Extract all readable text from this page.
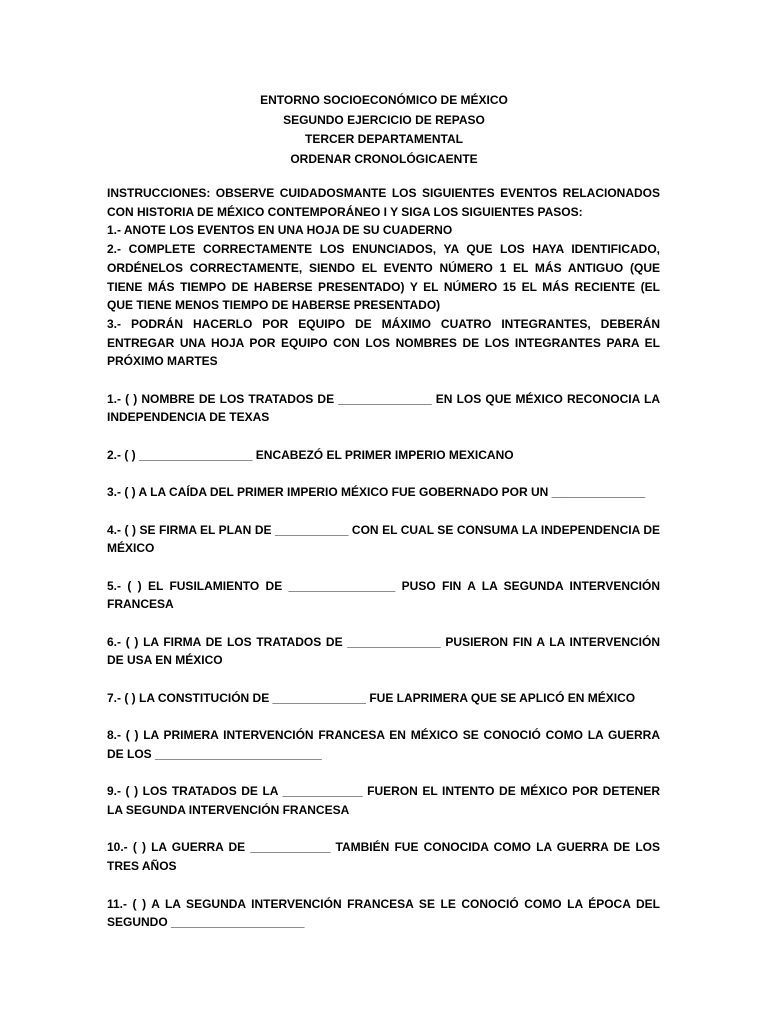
ENTORNO SOCIOECONÓMICO DE MÉXICO
SEGUNDO EJERCICIO DE REPASO
TERCER DEPARTAMENTAL
ORDENAR CRONOLÓGICAENTE

INSTRUCCIONES: OBSERVE CUIDADOSMANTE LOS SIGUIENTES EVENTOS RELACIONADOS CON HISTORIA DE MÉXICO CONTEMPORÁNEO I Y SIGA LOS SIGUIENTES PASOS:

1.- ANOTE LOS EVENTOS EN UNA HOJA DE SU CUADERNO

2.- COMPLETE CORRECTAMENTE LOS ENUNCIADOS, YA QUE LOS HAYA IDENTIFICADO, ORDÉNELOS CORRECTAMENTE, SIENDO EL EVENTO NÚMERO 1 EL MÁS ANTIGUO (QUE TIENE MÁS TIEMPO DE HABERSE PRESENTADO) Y EL NÚMERO 15 EL MÁS RECIENTE (EL QUE TIENE MENOS TIEMPO DE HABERSE PRESENTADO)

3.- PODRÁN HACERLO POR EQUIPO DE MÁXIMO CUATRO INTEGRANTES, DEBERÁN ENTREGAR UNA HOJA POR EQUIPO CON LOS NOMBRES DE LOS INTEGRANTES PARA EL PRÓXIMO MARTES

1.- ( ) NOMBRE DE LOS TRATADOS DE ______________ EN LOS QUE MÉXICO RECONOCIA LA INDEPENDENCIA DE TEXAS

2.- ( ) _________________ ENCABEZÓ EL PRIMER IMPERIO MEXICANO

3.- ( ) A LA CAÍDA DEL PRIMER IMPERIO MÉXICO FUE GOBERNADO POR UN ______________

4.- ( ) SE FIRMA EL PLAN DE ___________ CON EL CUAL SE CONSUMA LA INDEPENDENCIA DE MÉXICO

5.- ( ) EL FUSILAMIENTO DE ________________ PUSO FIN A LA SEGUNDA INTERVENCIÓN FRANCESA

6.- ( ) LA FIRMA DE LOS TRATADOS DE ______________ PUSIERON FIN A LA INTERVENCIÓN DE USA EN MÉXICO

7.- ( ) LA CONSTITUCIÓN DE ______________ FUE LAPRIMERA QUE SE APLICÓ EN MÉXICO

8.- ( ) LA PRIMERA INTERVENCIÓN FRANCESA EN MÉXICO SE CONOCIÓ COMO LA GUERRA DE LOS _________________________

9.- ( ) LOS TRATADOS DE LA ____________ FUERON EL INTENTO DE MÉXICO POR DETENER LA SEGUNDA INTERVENCIÓN FRANCESA

10.- ( ) LA GUERRA DE ____________ TAMBIÉN FUE CONOCIDA COMO LA GUERRA DE LOS TRES AÑOS

11.- ( ) A LA SEGUNDA INTERVENCIÓN FRANCESA SE LE CONOCIÓ COMO LA ÉPOCA DEL SEGUNDO ____________________
